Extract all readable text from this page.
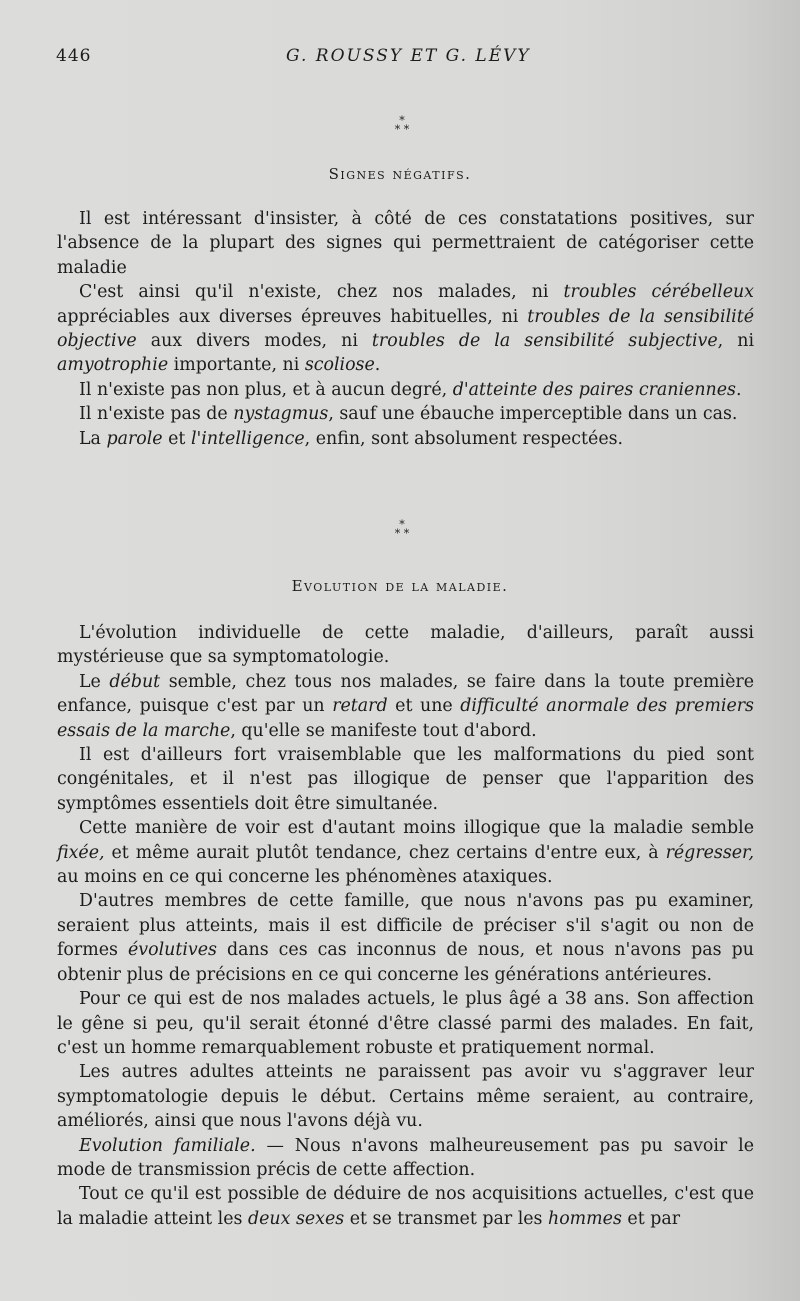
446	G. ROUSSY ET G. LÉVY
*
* *
Signes négatifs.

Il est intéressant d'insister, à côté de ces constatations positives, sur l'absence de la plupart des signes qui permettraient de catégoriser cette maladie

C'est ainsi qu'il n'existe, chez nos malades, ni troubles cérébelleux appréciables aux diverses épreuves habituelles, ni troubles de la sensibilité objective aux divers modes, ni troubles de la sensibilité subjective, ni amyotrophie importante, ni scoliose.

Il n'existe pas non plus, et à aucun degré, d'atteinte des paires craniennes.

Il n'existe pas de nystagmus, sauf une ébauche imperceptible dans un cas.

La parole et l'intelligence, enfin, sont absolument respectées.

*
* *
Evolution de la maladie.

L'évolution individuelle de cette maladie, d'ailleurs, paraît aussi mystérieuse que sa symptomatologie.

Le début semble, chez tous nos malades, se faire dans la toute première enfance, puisque c'est par un retard et une difficulté anormale des premiers essais de la marche, qu'elle se manifeste tout d'abord.

Il est d'ailleurs fort vraisemblable que les malformations du pied sont congénitales, et il n'est pas illogique de penser que l'apparition des symptômes essentiels doit être simultanée.

Cette manière de voir est d'autant moins illogique que la maladie semble fixée, et même aurait plutôt tendance, chez certains d'entre eux, à régresser, au moins en ce qui concerne les phénomènes ataxiques.

D'autres membres de cette famille, que nous n'avons pas pu examiner, seraient plus atteints, mais il est difficile de préciser s'il s'agit ou non de formes évolutives dans ces cas inconnus de nous, et nous n'avons pas pu obtenir plus de précisions en ce qui concerne les générations antérieures.

Pour ce qui est de nos malades actuels, le plus âgé a 38 ans. Son affection le gêne si peu, qu'il serait étonné d'être classé parmi des malades. En fait, c'est un homme remarquablement robuste et pratiquement normal.

Les autres adultes atteints ne paraissent pas avoir vu s'aggraver leur symptomatologie depuis le début. Certains même seraient, au contraire, améliorés, ainsi que nous l'avons déjà vu.

Evolution familiale. — Nous n'avons malheureusement pas pu savoir le mode de transmission précis de cette affection.

Tout ce qu'il est possible de déduire de nos acquisitions actuelles, c'est que la maladie atteint les deux sexes et se transmet par les hommes et par
